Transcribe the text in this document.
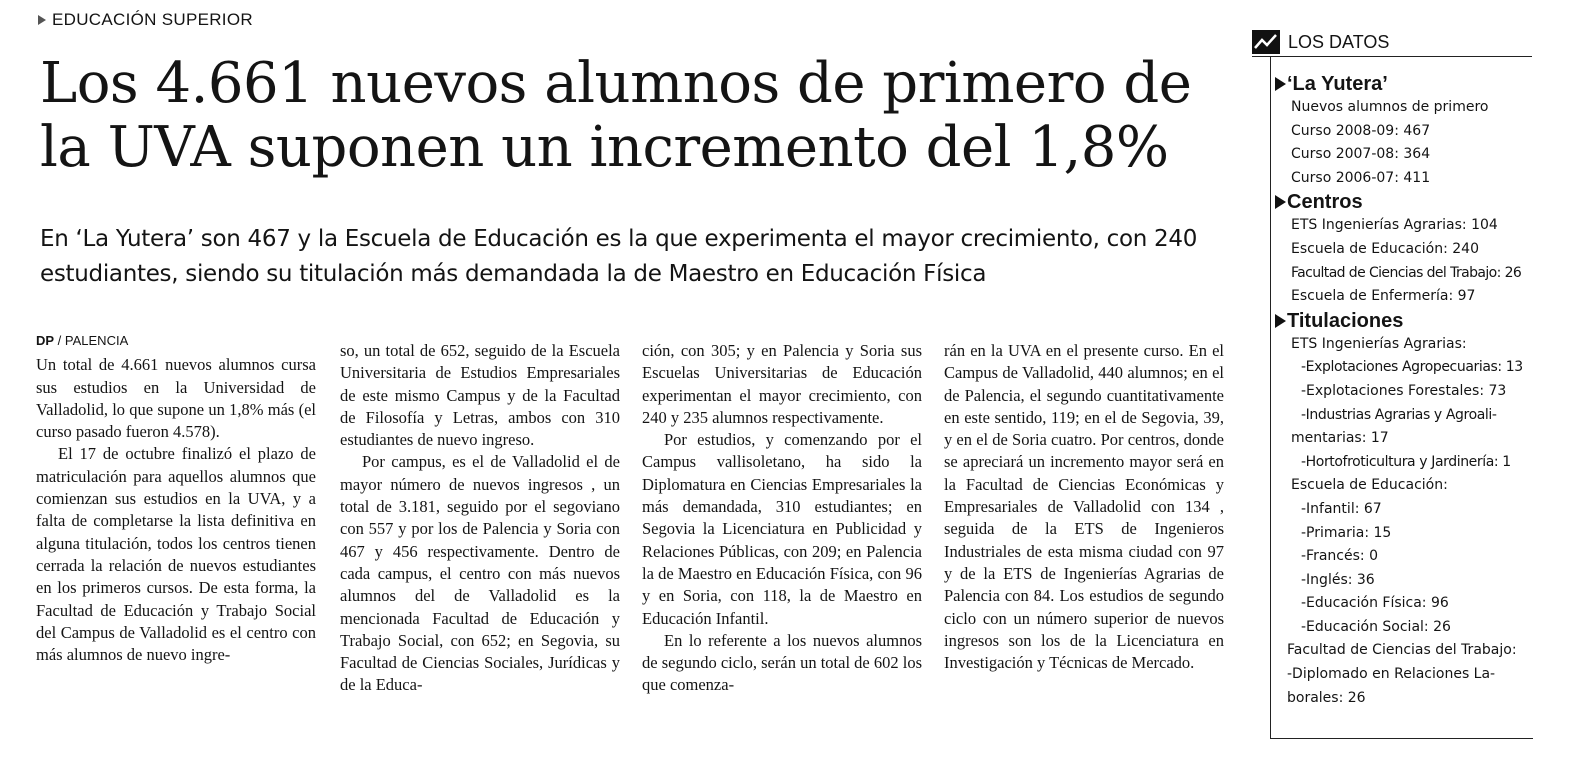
EDUCACIÓN SUPERIOR
Los 4.661 nuevos alumnos de primero de la UVA suponen un incremento del 1,8%

En ‘La Yutera’ son 467 y la Escuela de Educación es la que experimenta el mayor crecimiento, con 240 estudiantes, siendo su titulación más demandada la de Maestro en Educación Física

DP / PALENCIA

Un total de 4.661 nuevos alumnos cursa sus estudios en la Universidad de Valladolid, lo que supone un 1,8% más (el curso pasado fueron 4.578).

El 17 de octubre finalizó el plazo de matriculación para aquellos alumnos que comienzan sus estudios en la UVA, y a falta de completarse la lista definitiva en alguna titulación, todos los centros tienen cerrada la relación de nuevos estudiantes en los primeros cursos. De esta forma, la Facultad de Educación y Trabajo Social del Campus de Valladolid es el centro con más alumnos de nuevo ingre-

so, un total de 652, seguido de la Escuela Universitaria de Estudios Empresariales de este mismo Campus y de la Facultad de Filosofía y Letras, ambos con 310 estudiantes de nuevo ingreso.

Por campus, es el de Valladolid el de mayor número de nuevos ingresos , un total de 3.181, seguido por el segoviano con 557 y por los de Palencia y Soria con 467 y 456 respectivamente. Dentro de cada campus, el centro con más nuevos alumnos del de Valladolid es la mencionada Facultad de Educación y Trabajo Social, con 652; en Segovia, su Facultad de Ciencias Sociales, Jurídicas y de la Educa-

ción, con 305; y en Palencia y Soria sus Escuelas Universitarias de Educación experimentan el mayor crecimiento, con 240 y 235 alumnos respectivamente.

Por estudios, y comenzando por el Campus vallisoletano, ha sido la Diplomatura en Ciencias Empresariales la más demandada, 310 estudiantes; en Segovia la Licenciatura en Publicidad y Relaciones Públicas, con 209; en Palencia la de Maestro en Educación Física, con 96 y en Soria, con 118, la de Maestro en Educación Infantil.

En lo referente a los nuevos alumnos de segundo ciclo, serán un total de 602 los que comenza-

rán en la UVA en el presente curso. En el Campus de Valladolid, 440 alumnos; en el de Palencia, el segundo cuantitativamente en este sentido, 119; en el de Segovia, 39, y en el de Soria cuatro. Por centros, donde se apreciará un incremento mayor será en la Facultad de Ciencias Económicas y Empresariales de Valladolid con 134 , seguida de la ETS de Ingenieros Industriales de esta misma ciudad con 97 y de la ETS de Ingenierías Agrarias de Palencia con 84. Los estudios de segundo ciclo con un número superior de nuevos ingresos son los de la Licenciatura en Investigación y Técnicas de Mercado.

LOS DATOS
‘La Yutera’
Nuevos alumnos de primero
Curso 2008-09: 467
Curso 2007-08: 364
Curso 2006-07: 411
Centros
ETS Ingenierías Agrarias: 104
Escuela de Educación: 240
Facultad de Ciencias del Trabajo: 26
Escuela de Enfermería: 97
Titulaciones
ETS Ingenierías Agrarias:
-Explotaciones Agropecuarias: 13
-Explotaciones Forestales: 73
-Industrias Agrarias y Agroali-
mentarias: 17
-Hortofroticultura y Jardinería: 1
Escuela de Educación:
-Infantil: 67
-Primaria: 15
-Francés: 0
-Inglés: 36
-Educación Física: 96
-Educación Social: 26
Facultad de Ciencias del Trabajo:
-Diplomado en Relaciones La-
borales: 26
